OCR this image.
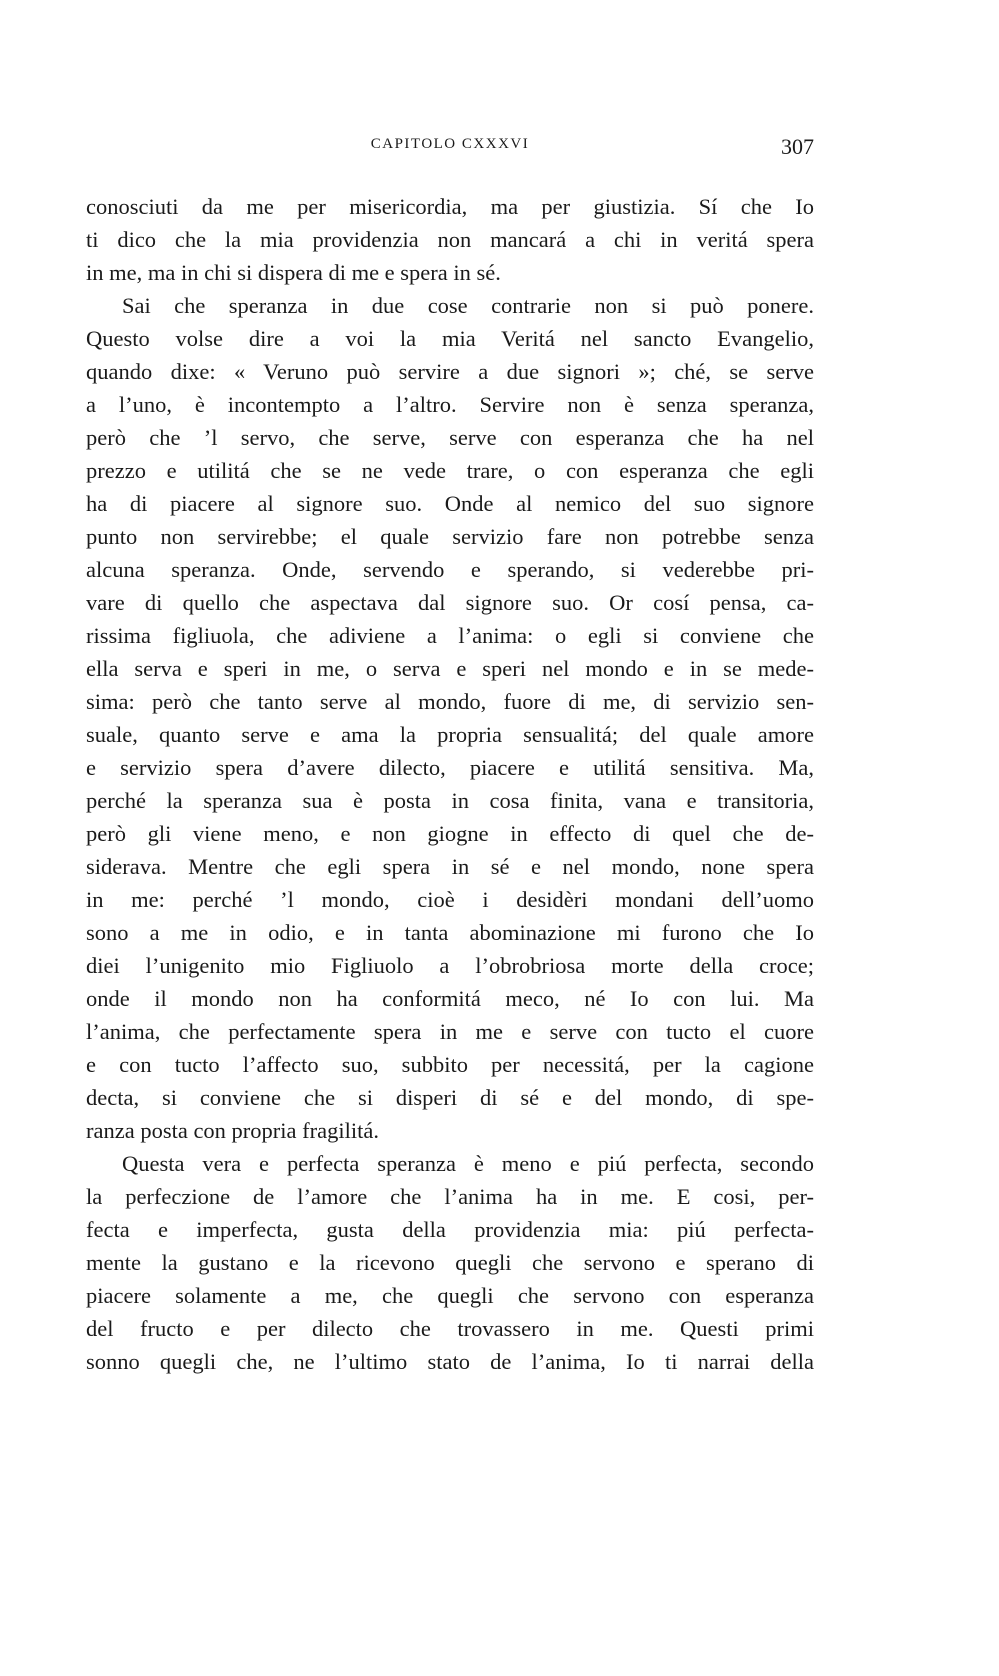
CAPITOLO CXXXVI	307
conosciuti da me per misericordia, ma per giustizia. Sí che Io
ti dico che la mia providenzia non mancará a chi in veritá spera
in me, ma in chi si dispera di me e spera in sé.
Sai che speranza in due cose contrarie non si può ponere.
Questo volse dire a voi la mia Veritá nel sancto Evangelio,
quando dixe: « Veruno può servire a due signori »; ché, se serve
a l’uno, è incontempto a l’altro. Servire non è senza speranza,
però che ’l servo, che serve, serve con esperanza che ha nel
prezzo e utilitá che se ne vede trare, o con esperanza che egli
ha di piacere al signore suo. Onde al nemico del suo signore
punto non servirebbe; el quale servizio fare non potrebbe senza
alcuna speranza. Onde, servendo e sperando, si vederebbe pri-
vare di quello che aspectava dal signore suo. Or cosí pensa, ca-
rissima figliuola, che adiviene a l’anima: o egli si conviene che
ella serva e speri in me, o serva e speri nel mondo e in se mede-
sima: però che tanto serve al mondo, fuore di me, di servizio sen-
suale, quanto serve e ama la propria sensualitá; del quale amore
e servizio spera d’avere dilecto, piacere e utilitá sensitiva. Ma,
perché la speranza sua è posta in cosa finita, vana e transitoria,
però gli viene meno, e non giogne in effecto di quel che de-
siderava. Mentre che egli spera in sé e nel mondo, none spera
in me: perché ’l mondo, cioè i desidèri mondani dell’uomo
sono a me in odio, e in tanta abominazione mi furono che Io
diei l’unigenito mio Figliuolo a l’obrobriosa morte della croce;
onde il mondo non ha conformitá meco, né Io con lui. Ma
l’anima, che perfectamente spera in me e serve con tucto el cuore
e con tucto l’affecto suo, subbito per necessitá, per la cagione
decta, si conviene che si disperi di sé e del mondo, di spe-
ranza posta con propria fragilitá.
Questa vera e perfecta speranza è meno e piú perfecta, secondo
la perfeczione de l’amore che l’anima ha in me. E cosi, per-
fecta e imperfecta, gusta della providenzia mia: piú perfecta-
mente la gustano e la ricevono quegli che servono e sperano di
piacere solamente a me, che quegli che servono con esperanza
del fructo e per dilecto che trovassero in me. Questi primi
sonno quegli che, ne l’ultimo stato de l’anima, Io ti narrai della
